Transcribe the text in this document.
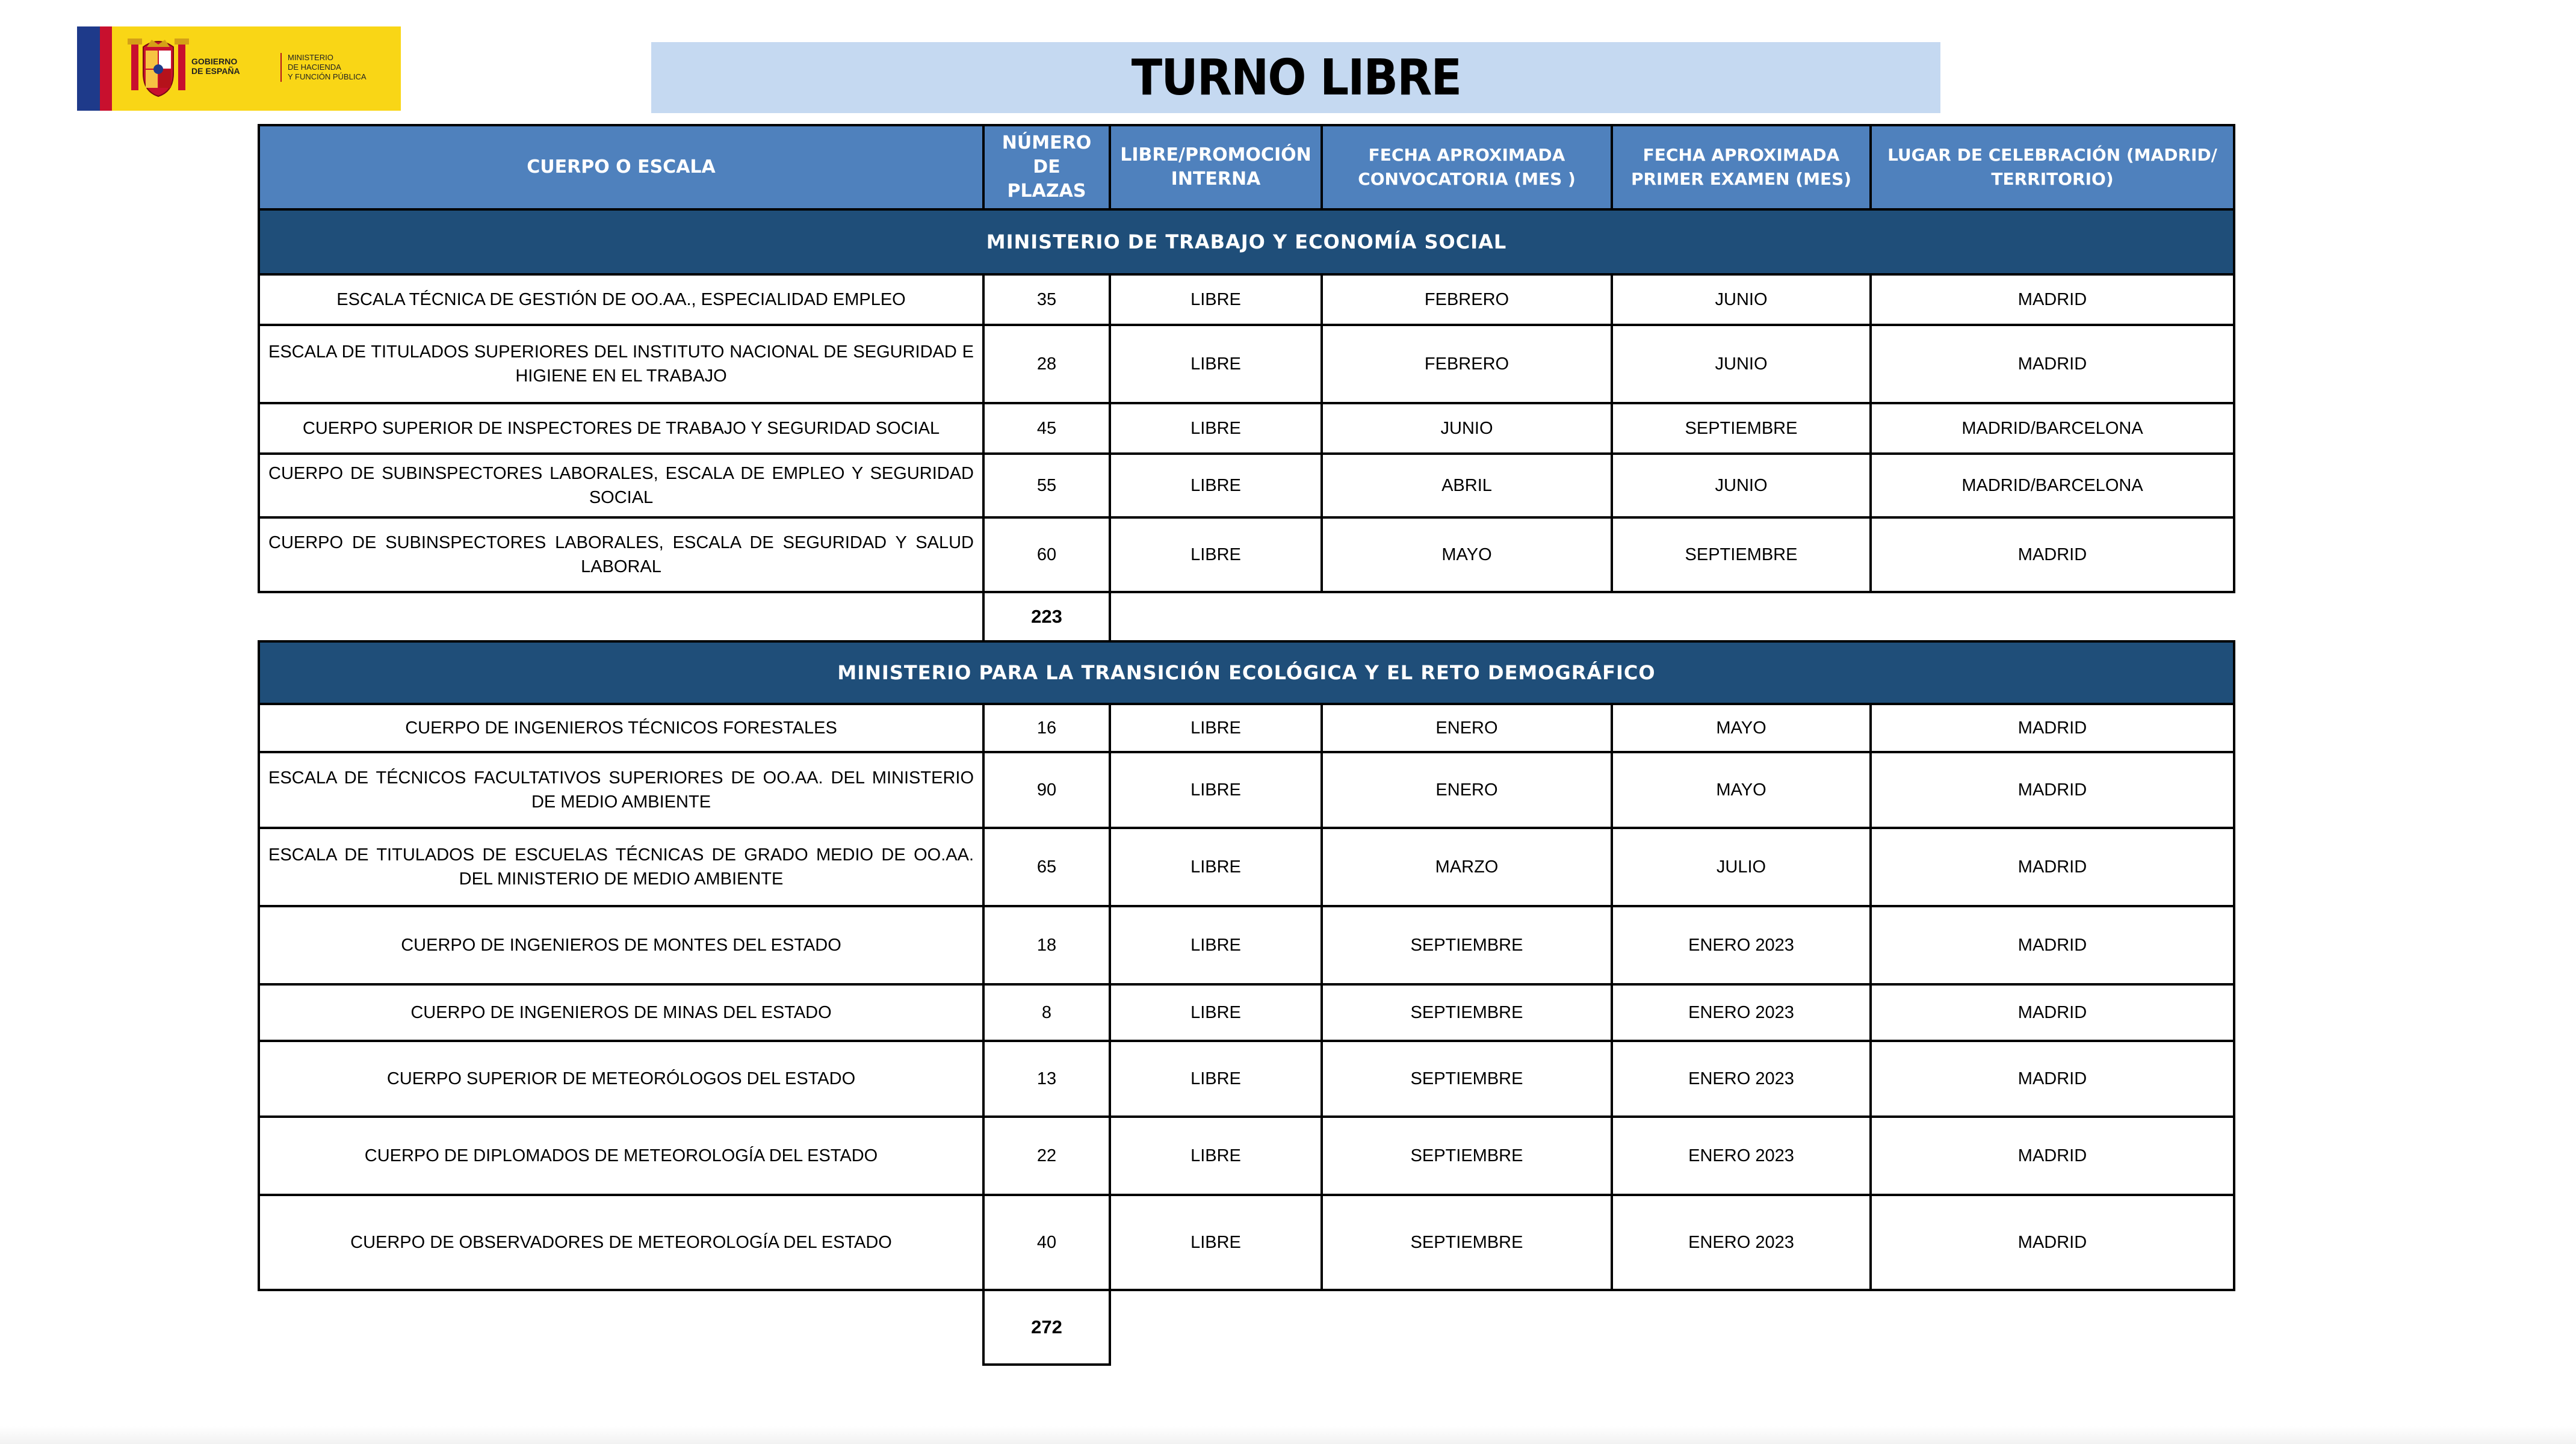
GOBIERNO
DE ESPAÑA
MINISTERIO
DE HACIENDA
Y FUNCIÓN PÚBLICA	TURNO LIBRE
CUERPO O ESCALA	NÚMERO DE PLAZAS	LIBRE/PROMOCIÓN INTERNA	FECHA APROXIMADA CONVOCATORIA (MES )	FECHA APROXIMADA PRIMER EXAMEN (MES)	LUGAR DE CELEBRACIÓN (MADRID/ TERRITORIO)
MINISTERIO DE TRABAJO Y ECONOMÍA SOCIAL					
ESCALA TÉCNICA DE GESTIÓN DE OO.AA., ESPECIALIDAD EMPLEO	35	LIBRE	FEBRERO	JUNIO	MADRID
ESCALA DE TITULADOS SUPERIORES DEL INSTITUTO NACIONAL DE SEGURIDAD E HIGIENE EN EL TRABAJO	28	LIBRE	FEBRERO	JUNIO	MADRID
CUERPO SUPERIOR DE INSPECTORES DE TRABAJO Y SEGURIDAD SOCIAL	45	LIBRE	JUNIO	SEPTIEMBRE	MADRID/BARCELONA
CUERPO DE SUBINSPECTORES LABORALES, ESCALA DE EMPLEO Y SEGURIDAD SOCIAL	55	LIBRE	ABRIL	JUNIO	MADRID/BARCELONA
CUERPO DE SUBINSPECTORES LABORALES, ESCALA DE SEGURIDAD Y SALUD LABORAL	60	LIBRE	MAYO	SEPTIEMBRE	MADRID
	223				
MINISTERIO PARA LA TRANSICIÓN ECOLÓGICA Y EL RETO DEMOGRÁFICO					
CUERPO DE INGENIEROS TÉCNICOS FORESTALES	16	LIBRE	ENERO	MAYO	MADRID
ESCALA DE TÉCNICOS FACULTATIVOS SUPERIORES DE OO.AA. DEL MINISTERIO DE MEDIO AMBIENTE	90	LIBRE	ENERO	MAYO	MADRID
ESCALA DE TITULADOS DE ESCUELAS TÉCNICAS DE GRADO MEDIO DE OO.AA. DEL MINISTERIO DE MEDIO AMBIENTE	65	LIBRE	MARZO	JULIO	MADRID
CUERPO DE INGENIEROS DE MONTES DEL ESTADO	18	LIBRE	SEPTIEMBRE	ENERO 2023	MADRID
CUERPO DE INGENIEROS DE MINAS DEL ESTADO	8	LIBRE	SEPTIEMBRE	ENERO 2023	MADRID
CUERPO SUPERIOR DE METEORÓLOGOS DEL ESTADO	13	LIBRE	SEPTIEMBRE	ENERO 2023	MADRID
CUERPO DE DIPLOMADOS DE METEOROLOGÍA DEL ESTADO	22	LIBRE	SEPTIEMBRE	ENERO 2023	MADRID
CUERPO DE OBSERVADORES DE METEOROLOGÍA DEL ESTADO	40	LIBRE	SEPTIEMBRE	ENERO 2023	MADRID
	272				
